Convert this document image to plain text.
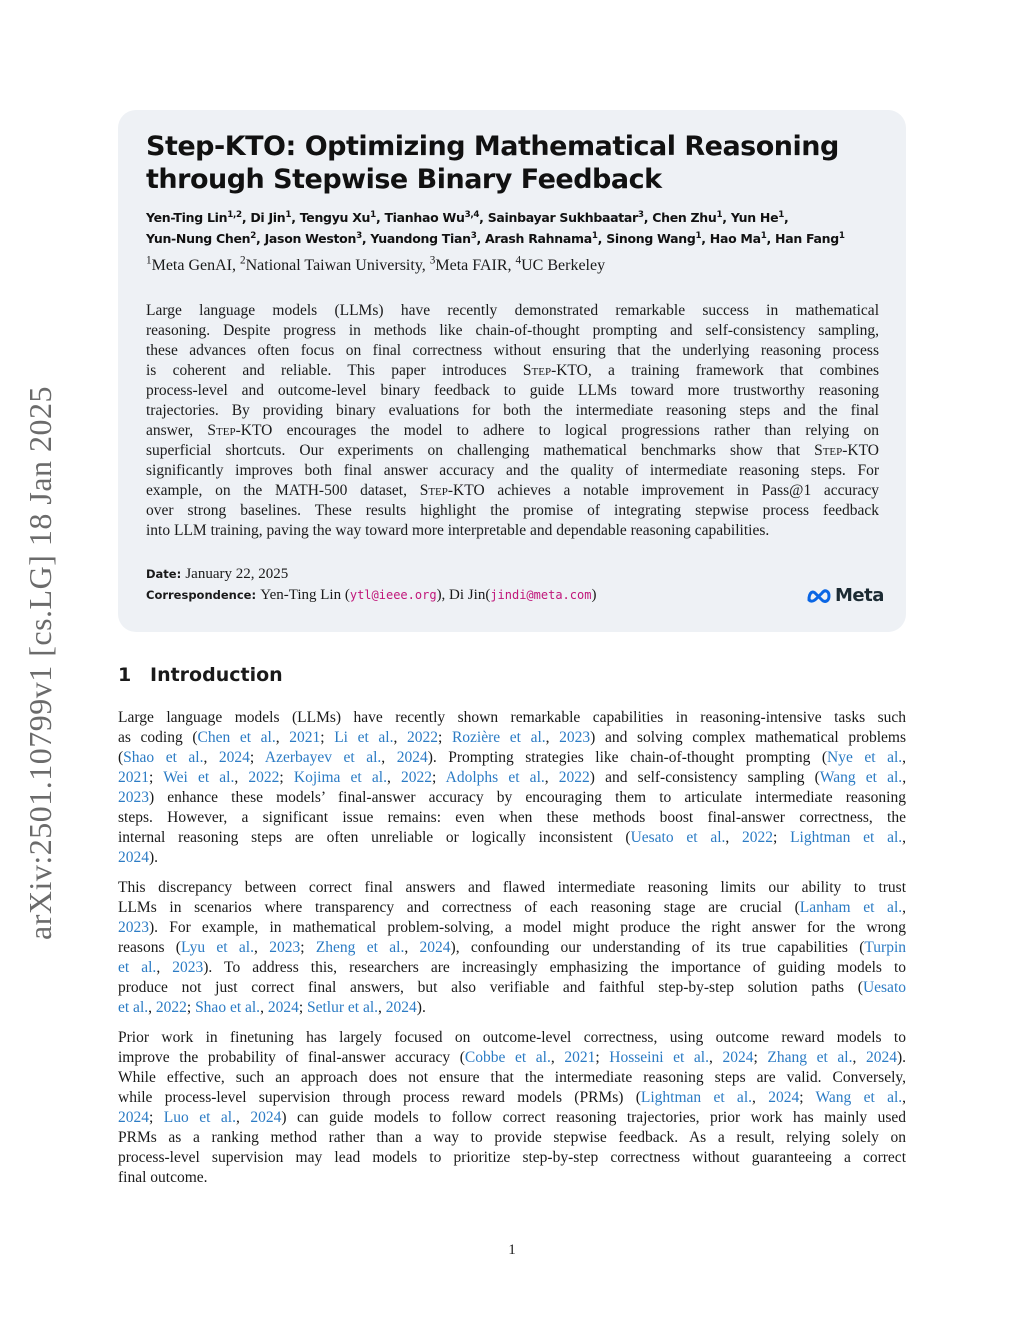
arXiv:2501.10799v1 [cs.LG] 18 Jan 2025
Step-KTO: Optimizing Mathematical Reasoning
through Stepwise Binary Feedback
Yen-Ting Lin$^{1,2}$, Di Jin$^1$, Tengyu Xu$^1$, Tianhao Wu$^{3,4}$, Sainbayar Sukhbaatar$^3$, Chen Zhu$^1$, Yun He$^1$,
Yun-Nung Chen$^2$, Jason Weston$^3$, Yuandong Tian$^3$, Arash Rahnama$^1$, Sinong Wang$^1$, Hao Ma$^1$, Han Fang$^1$
$^1$Meta GenAI, $^2$National Taiwan University, $^3$Meta FAIR, $^4$UC Berkeley
Large language models (LLMs) have recently demonstrated remarkable success in mathematical
reasoning. Despite progress in methods like chain-of-thought prompting and self-consistency sampling,
these advances often focus on final correctness without ensuring that the underlying reasoning process
is coherent and reliable. This paper introduces Step-KTO, a training framework that combines
process-level and outcome-level binary feedback to guide LLMs toward more trustworthy reasoning
trajectories. By providing binary evaluations for both the intermediate reasoning steps and the final
answer, Step-KTO encourages the model to adhere to logical progressions rather than relying on
superficial shortcuts. Our experiments on challenging mathematical benchmarks show that Step-KTO
significantly improves both final answer accuracy and the quality of intermediate reasoning steps. For
example, on the MATH-500 dataset, Step-KTO achieves a notable improvement in Pass@1 accuracy
over strong baselines. These results highlight the promise of integrating stepwise process feedback
into LLM training, paving the way toward more interpretable and dependable reasoning capabilities.
Date: January 22, 2025
Correspondence: Yen-Ting Lin (ytl@ieee.org), Di Jin(jindi@meta.com)	Meta
1 Introduction
Large language models (LLMs) have recently shown remarkable capabilities in reasoning-intensive tasks such
as coding (Chen et al., 2021; Li et al., 2022; Rozière et al., 2023) and solving complex mathematical problems
(Shao et al., 2024; Azerbayev et al., 2024). Prompting strategies like chain-of-thought prompting (Nye et al.,
2021; Wei et al., 2022; Kojima et al., 2022; Adolphs et al., 2022) and self-consistency sampling (Wang et al.,
2023) enhance these models’ final-answer accuracy by encouraging them to articulate intermediate reasoning
steps. However, a significant issue remains: even when these methods boost final-answer correctness, the
internal reasoning steps are often unreliable or logically inconsistent (Uesato et al., 2022; Lightman et al.,
2024).
This discrepancy between correct final answers and flawed intermediate reasoning limits our ability to trust
LLMs in scenarios where transparency and correctness of each reasoning stage are crucial (Lanham et al.,
2023). For example, in mathematical problem-solving, a model might produce the right answer for the wrong
reasons (Lyu et al., 2023; Zheng et al., 2024), confounding our understanding of its true capabilities (Turpin
et al., 2023). To address this, researchers are increasingly emphasizing the importance of guiding models to
produce not just correct final answers, but also verifiable and faithful step-by-step solution paths (Uesato
et al., 2022; Shao et al., 2024; Setlur et al., 2024).
Prior work in finetuning has largely focused on outcome-level correctness, using outcome reward models to
improve the probability of final-answer accuracy (Cobbe et al., 2021; Hosseini et al., 2024; Zhang et al., 2024).
While effective, such an approach does not ensure that the intermediate reasoning steps are valid. Conversely,
while process-level supervision through process reward models (PRMs) (Lightman et al., 2024; Wang et al.,
2024; Luo et al., 2024) can guide models to follow correct reasoning trajectories, prior work has mainly used
PRMs as a ranking method rather than a way to provide stepwise feedback. As a result, relying solely on
process-level supervision may lead models to prioritize step-by-step correctness without guaranteeing a correct
final outcome.
1
